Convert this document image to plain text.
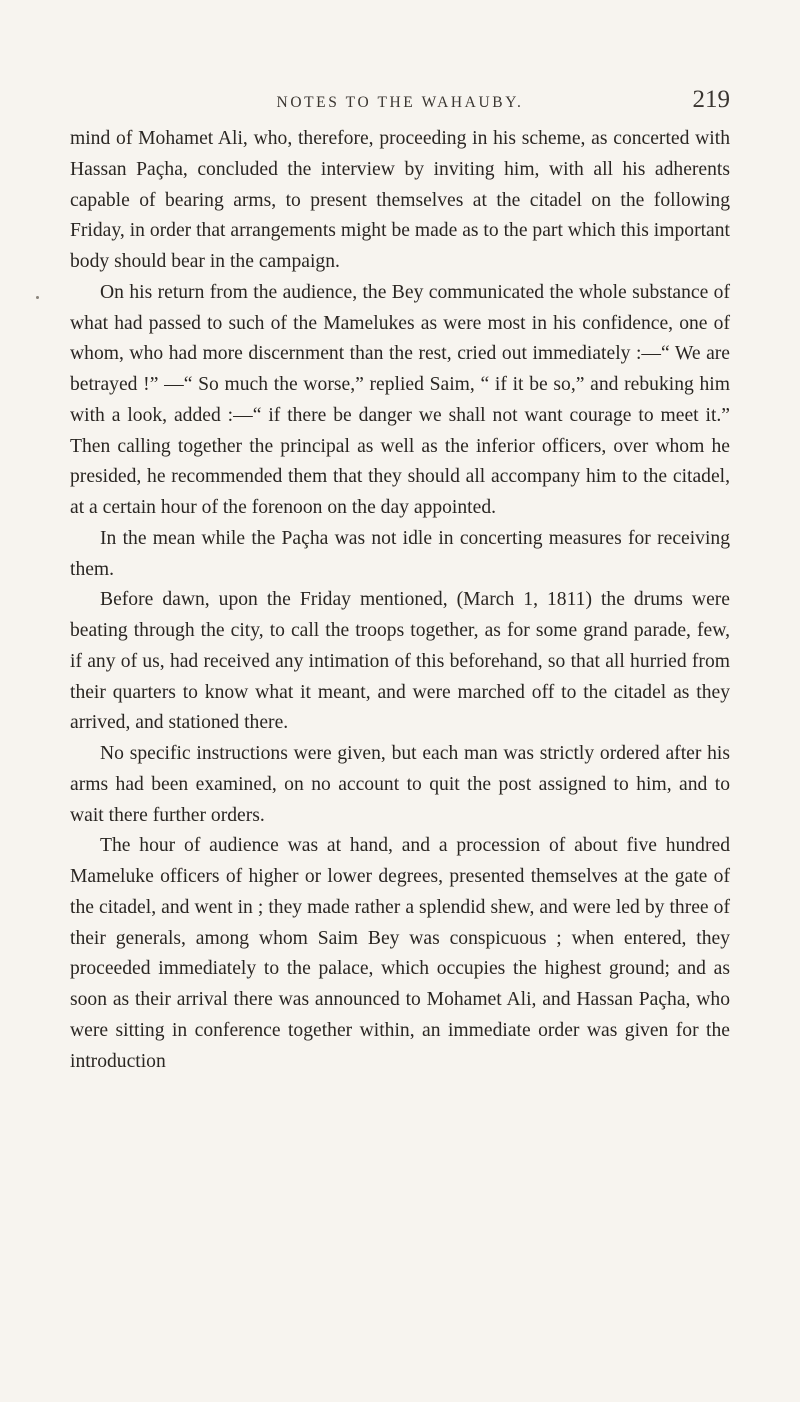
NOTES TO THE WAHAUBY.	219

mind of Mohamet Ali, who, therefore, proceeding in his scheme, as concerted with Hassan Paçha, concluded the interview by inviting him, with all his adherents capable of bearing arms, to present themselves at the citadel on the following Friday, in order that arrangements might be made as to the part which this important body should bear in the campaign.

On his return from the audience, the Bey communicated the whole substance of what had passed to such of the Mamelukes as were most in his confidence, one of whom, who had more discernment than the rest, cried out immediately :—“ We are betrayed !” —“ So much the worse,” replied Saim, “ if it be so,” and rebuking him with a look, added :—“ if there be danger we shall not want courage to meet it.” Then calling together the principal as well as the inferior officers, over whom he presided, he recommended them that they should all accompany him to the citadel, at a certain hour of the forenoon on the day appointed.

In the mean while the Paçha was not idle in concerting measures for receiving them.

Before dawn, upon the Friday mentioned, (March 1, 1811) the drums were beating through the city, to call the troops together, as for some grand parade, few, if any of us, had received any intimation of this beforehand, so that all hurried from their quarters to know what it meant, and were marched off to the citadel as they arrived, and stationed there.

No specific instructions were given, but each man was strictly ordered after his arms had been examined, on no account to quit the post assigned to him, and to wait there further orders.

The hour of audience was at hand, and a procession of about five hundred Mameluke officers of higher or lower degrees, presented themselves at the gate of the citadel, and went in ; they made rather a splendid shew, and were led by three of their generals, among whom Saim Bey was conspicuous ; when entered, they proceeded immediately to the palace, which occupies the highest ground; and as soon as their arrival there was announced to Mohamet Ali, and Hassan Paçha, who were sitting in conference together within, an immediate order was given for the introduction
